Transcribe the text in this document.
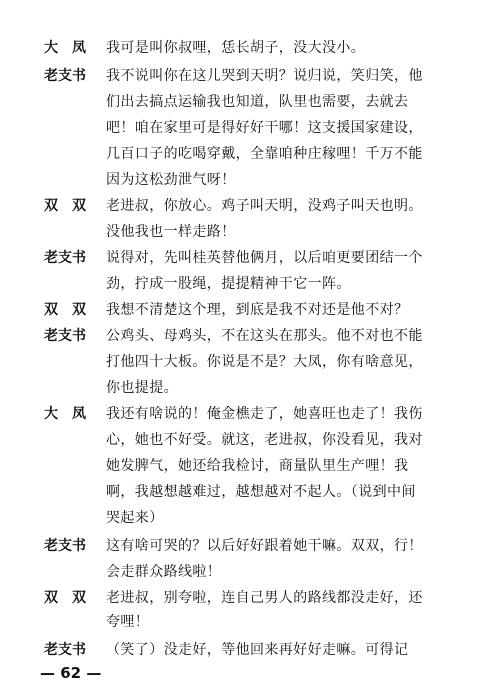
大　凤	我可是叫你叔哩，恁长胡子，没大没小。
老支书	我不说叫你在这儿哭到天明？说归说，笑归笑，他
们出去搞点运输我也知道，队里也需要，去就去
吧！咱在家里可是得好好干哪！这支援国家建设，
几百口子的吃喝穿戴，全靠咱种庄稼哩！千万不能
因为这松劲泄气呀！
双　双	老进叔，你放心。鸡子叫天明，没鸡子叫天也明。
没他我也一样走路！
老支书	说得对，先叫桂英替他俩月，以后咱更要团结一个
劲，拧成一股绳，提提精神干它一阵。
双　双	我想不清楚这个理，到底是我不对还是他不对？
老支书	公鸡头、母鸡头，不在这头在那头。他不对也不能
打他四十大板。你说是不是？大凤，你有啥意见，
你也提提。
大　凤	我还有啥说的！俺金樵走了，她喜旺也走了！我伤
心，她也不好受。就这，老进叔，你没看见，我对
她发脾气，她还给我检讨，商量队里生产哩！我
啊，我越想越难过，越想越对不起人。（说到中间
哭起来）
老支书	这有啥可哭的？以后好好跟着她干嘛。双双，行！
会走群众路线啦！
双　双	老进叔，别夸啦，连自己男人的路线都没走好，还
夸哩！
老支书	（笑了）没走好，等他回来再好好走嘛。可得记
— 62 —
